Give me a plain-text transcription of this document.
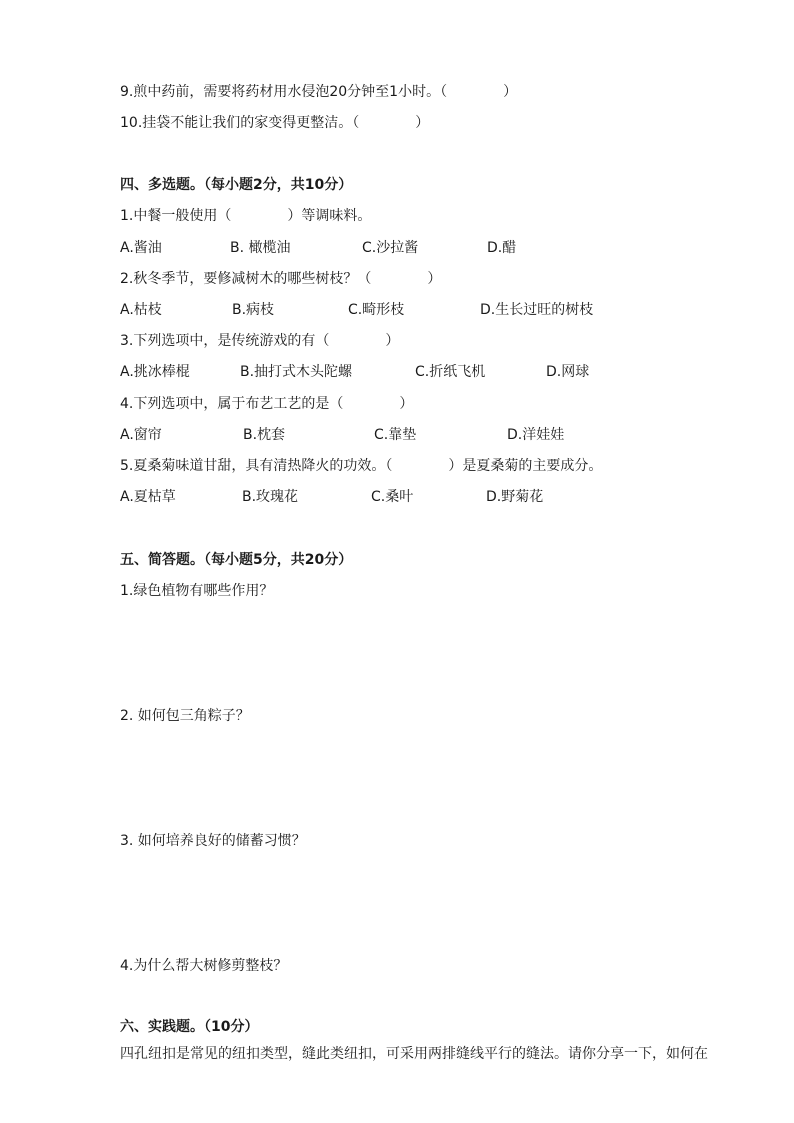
9.煎中药前，需要将药材用水侵泡20分钟至1小时。（　　　　）
10.挂袋不能让我们的家变得更整洁。（　　　　）
四、多选题。（每小题2分，共10分）
1.中餐一般使用（　　　　）等调味料。
A.酱油	B. 橄榄油	C.沙拉酱	D.醋
2.秋冬季节，要修减树木的哪些树枝？（　　　　）
A.枯枝	B.病枝	C.畸形枝	D.生长过旺的树枝
3.下列选项中，是传统游戏的有（　　　　）
A.挑冰棒棍	B.抽打式木头陀螺	C.折纸飞机	D.网球
4.下列选项中，属于布艺工艺的是（　　　　）
A.窗帘	B.枕套	C.靠垫	D.洋娃娃
5.夏桑菊味道甘甜，具有清热降火的功效。（　　　　）是夏桑菊的主要成分。
A.夏枯草	B.玫瑰花	C.桑叶	D.野菊花
五、简答题。（每小题5分，共20分）
1.绿色植物有哪些作用？
2. 如何包三角粽子？
3. 如何培养良好的储蓄习惯？
4.为什么帮大树修剪整枝？
六、实践题。（10分）
四孔纽扣是常见的纽扣类型，缝此类纽扣，可采用两排缝线平行的缝法。请你分享一下，如何在
